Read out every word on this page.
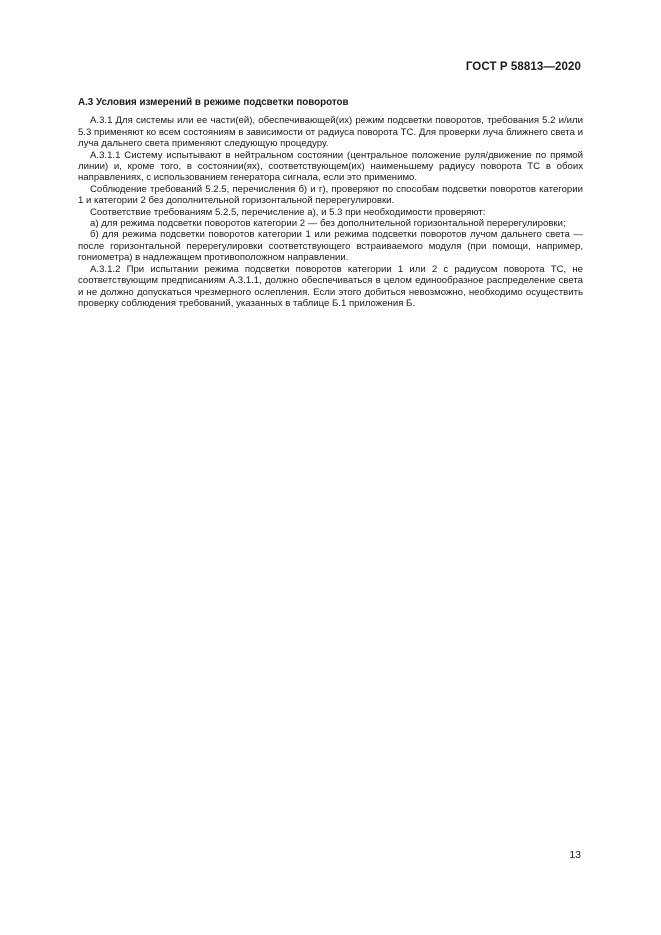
ГОСТ Р 58813—2020
A.3 Условия измерений в режиме подсветки поворотов

A.3.1 Для системы или ее части(ей), обеспечивающей(их) режим подсветки поворотов, требования 5.2 и/или 5.3 применяют ко всем состояниям в зависимости от радиуса поворота ТС. Для проверки луча ближнего света и луча дальнего света применяют следующую процедуру.

А.3.1.1 Систему испытывают в нейтральном состоянии (центральное положение руля/движение по прямой линии) и, кроме того, в состоянии(ях), соответствующем(их) наименьшему радиусу поворота ТС в обоих направлениях, с использованием генератора сигнала, если это применимо.

Соблюдение требований 5.2.5, перечисления б) и г), проверяют по способам подсветки поворотов категории 1 и категории 2 без дополнительной горизонтальной перерегулировки.

Соответствие требованиям 5.2.5, перечисление а), и 5.3 при необходимости проверяют:

а) для режима подсветки поворотов категории 2 — без дополнительной горизонтальной перерегулировки;

б) для режима подсветки поворотов категории 1 или режима подсветки поворотов лучом дальнего света — после горизонтальной перерегулировки соответствующего встраиваемого модуля (при помощи, например, гониометра) в надлежащем противоположном направлении.

А.3.1.2 При испытании режима подсветки поворотов категории 1 или 2 с радиусом поворота ТС, не соответствующим предписаниям А.3.1.1, должно обеспечиваться в целом единообразное распределение света и не должно допускаться чрезмерного ослепления. Если этого добиться невозможно, необходимо осуществить проверку соблюдения требований, указанных в таблице Б.1 приложения Б.

13
